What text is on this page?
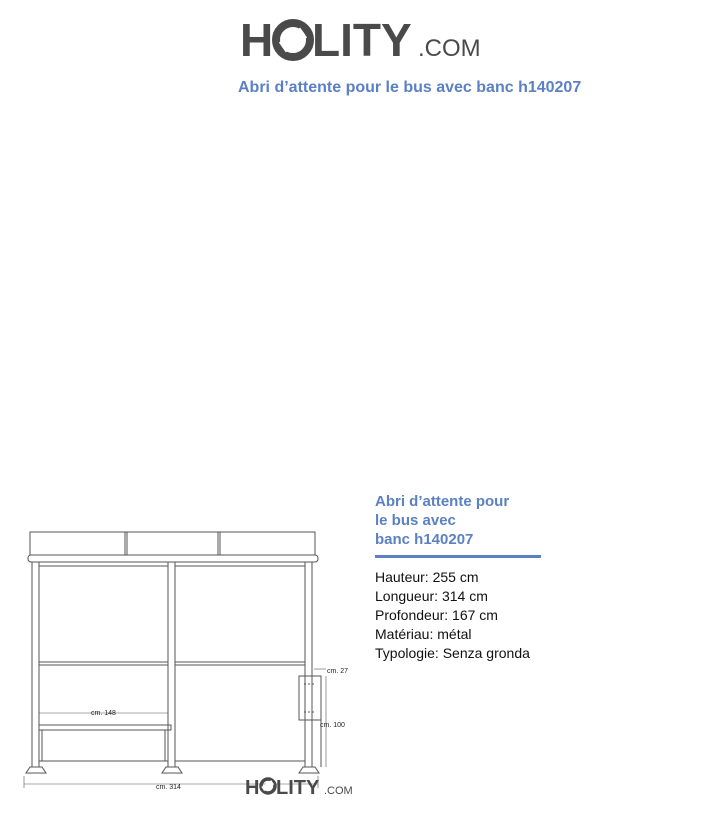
H LITY .COM
Abri d’attente pour le bus avec banc h140207
cm. 148
cm. 314
cm. 27
cm. 100
H LITY .COM
Abri d’attente pour
le bus avec
banc h140207
Hauteur: 255 cm
Longueur: 314 cm
Profondeur: 167 cm
Matériau: métal
Typologie: Senza gronda
